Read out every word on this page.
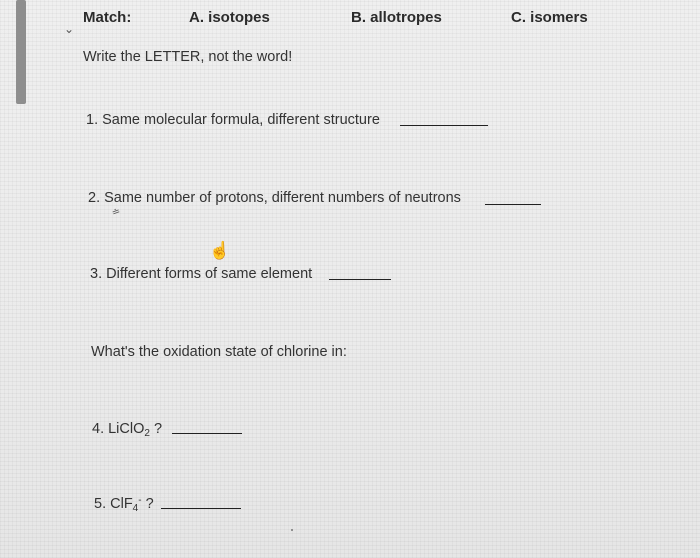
⌄
Match:	A. isotopes	B. allotropes	C. isomers
Write the LETTER, not the word!
1. Same molecular formula, different structure
2. Same number of protons, different numbers of neutrons
≐
☝
3. Different forms of same element
What's the oxidation state of chlorine in:
4. LiClO$_2$ ?
5. ClF$_4$- ?
